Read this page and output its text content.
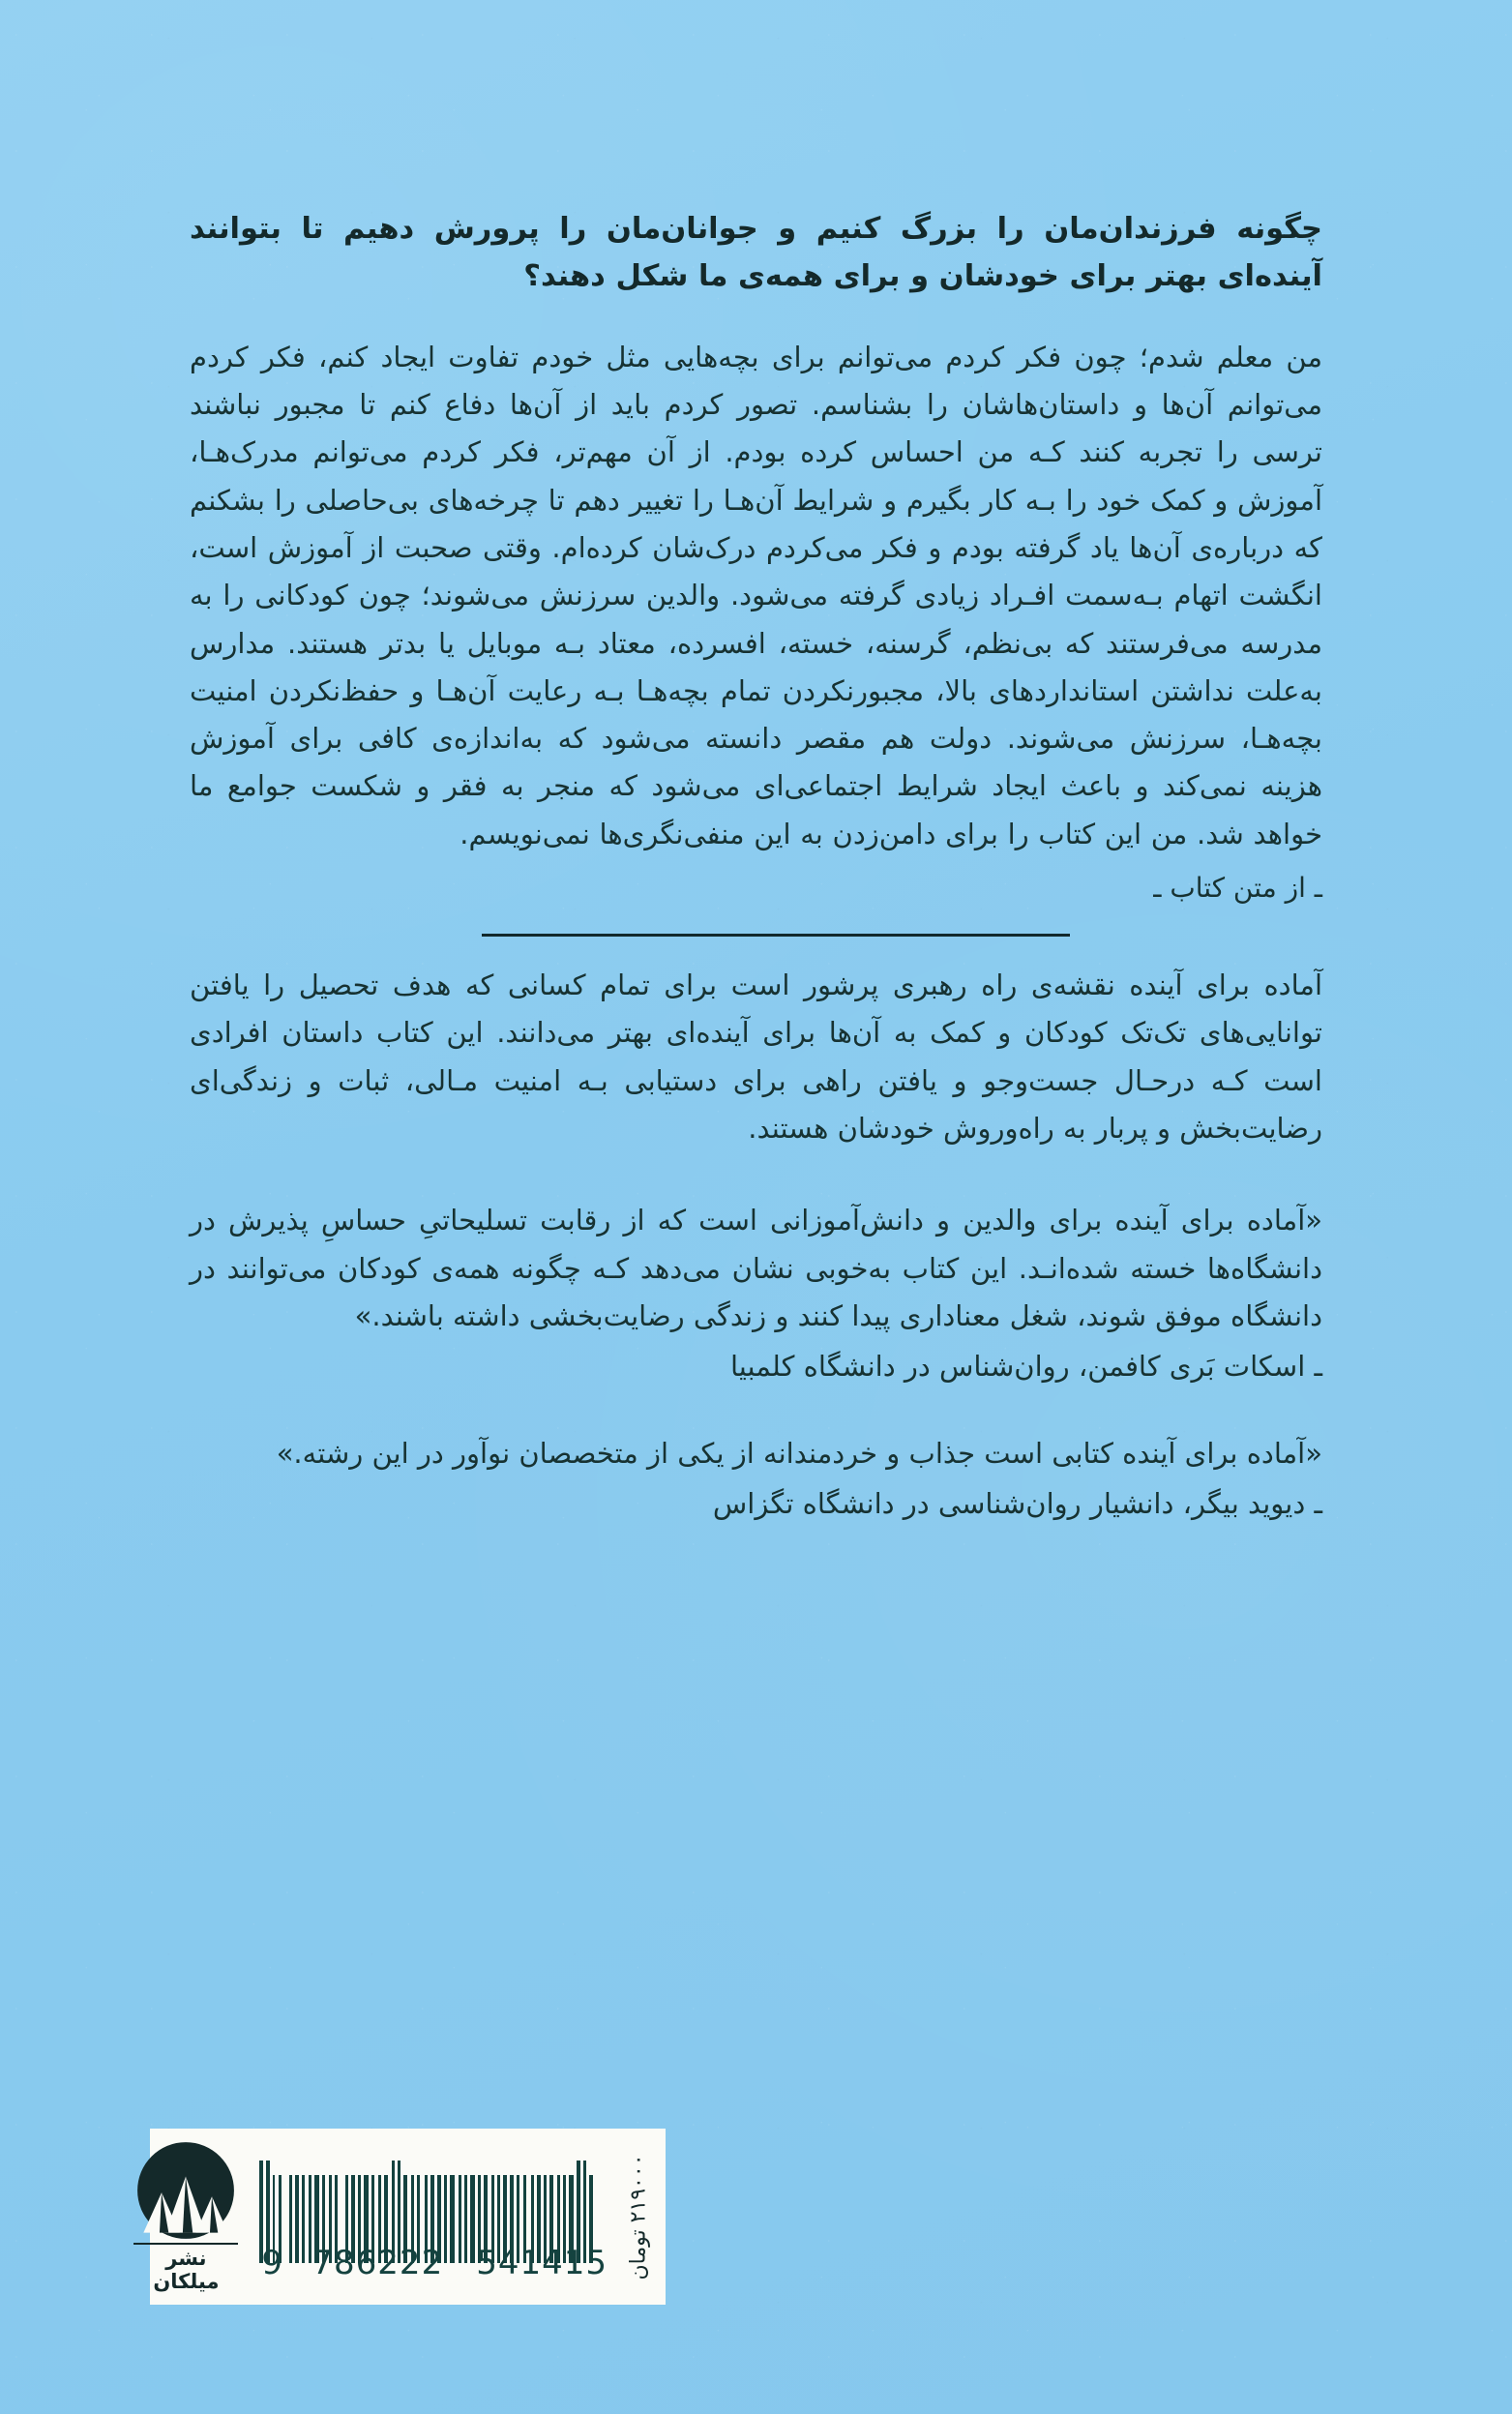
چگونه فرزندان‌مان را بزرگ کنیم و جوانان‌مان را پرورش دهیم تا بتوانند آینده‌ای بهتر برای خودشان و برای همه‌ی ما شکل دهند؟

من معلم شدم؛ چون فکر کردم می‌توانم برای بچه‌هایی مثل خودم تفاوت ایجاد کنم، فکر کردم می‌توانم آن‌ها و داستان‌هاشان را بشناسم. تصور کردم باید از آن‌ها دفاع کنم تا مجبور نباشند ترسی را تجربه کنند کـه من احساس کرده بودم. از آن مهم‌تر، فکر کردم می‌توانم مدرک‌هـا، آموزش و کمک خود را بـه کار بگیرم و شرایط آن‌هـا را تغییر دهم تا چرخه‌های بی‌حاصلی را بشکنم که درباره‌ی آن‌ها یاد گرفته بودم و فکر می‌کردم درک‌شان کرده‌ام. وقتی صحبت از آموزش است، انگشت اتهام بـه‌سمت افـراد زیادی گرفته می‌شود. والدین سرزنش می‌شوند؛ چون کودکانی را به مدرسه می‌فرستند که بی‌نظم، گرسنه، خسته، افسرده، معتاد بـه موبایل یا بدتر هستند. مدارس به‌علت نداشتن استانداردهای بالا، مجبورنکردن تمام بچه‌هـا بـه رعایت آن‌هـا و حفظ‌نکردن امنیت بچه‌هـا، سرزنش می‌شوند. دولت هم مقصر دانسته می‌شود که به‌اندازه‌ی کافی برای آموزش هزینه نمی‌کند و باعث ایجاد شرایط اجتماعی‌ای می‌شود که منجر به فقر و شکست جوامع ما خواهد شد. من این کتاب را برای دامن‌زدن به این منفی‌نگری‌ها نمی‌نویسم.

ـ از متن کتاب ـ

آماده برای آینده نقشه‌ی راه رهبری پرشور است برای تمام کسانی که هدف تحصیل را یافتن توانایی‌های تک‌تک کودکان و کمک به آن‌ها برای آینده‌ای بهتر می‌دانند. این کتاب داستان افرادی است کـه درحـال جست‌وجو و یافتن راهی برای دستیابی بـه امنیت مـالی، ثبات و زندگی‌ای رضایت‌بخش و پربار به راه‌وروش خودشان هستند.

«آماده برای آینده برای والدین و دانش‌آموزانی است که از رقابت تسلیحاتیِ حساسِ پذیرش در دانشگاه‌ها خسته شده‌انـد. این کتاب به‌خوبی نشان می‌دهد کـه چگونه همه‌ی کودکان می‌توانند در دانشگاه موفق شوند، شغل معناداری پیدا کنند و زندگی رضایت‌بخشی داشته باشند.»

ـ اسکات بَری کافمن، روان‌شناس در دانشگاه کلمبیا

«آماده برای آینده کتابی است جذاب و خردمندانه از یکی از متخصصان نوآور در این رشته.»

ـ دیوید بیگر، دانشیار روان‌شناسی در دانشگاه تگزاس

۲۱۹۰۰۰ تومان
9 786222 541415
نشر میلکان
